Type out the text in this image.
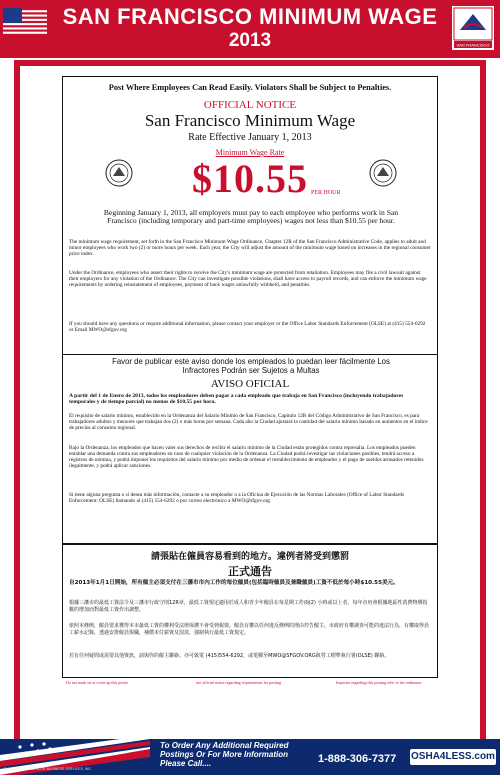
SAN FRANCISCO MINIMUM WAGE
2013	SAN FRANCISCO
Post Where Employees Can Read Easily. Violators Shall be Subject to Penalties.
OFFICIAL NOTICE
San Francisco Minimum Wage
Rate Effective January 1, 2013
Minimum Wage Rate
$10.55 PER HOUR
Beginning January 1, 2013, all employers must pay to each employee who performs work in San Francisco (including temporary and part-time employees) wages not less than $10.55 per hour.
The minimum wage requirement, set forth in the San Francisco Minimum Wage Ordinance, Chapter 12R of the San Francisco Administrative Code, applies to adult and minor employees who work two (2) or more hours per week. Each year, the City will adjust the amount of the minimum wage based on increases in the regional consumer price index.
Under the Ordinance, employees who assert their rights to receive the City's minimum wage are protected from retaliation. Employees may file a civil lawsuit against their employers for any violation of the Ordinance. The City can investigate possible violations, shall have access to payroll records, and can enforce the minimum wage requirements by ordering reinstatement of employees, payment of back wages unlawfully withheld, and penalties.
If you should have any questions or require additional information, please contact your employer or the Office Labor Standards Enforcement (OLSE) at (415) 554-6292 or Email MWO@sfgov.org
Favor de publicar este aviso donde los empleados lo puedan leer fácilmente Los Infractores Podrán ser Sujetos a Multas
AVISO OFICIAL
A partir del 1 de Enero de 2013, todos los empleadores deben pagar a cada empleado que trabaja en San Francisco (incluyendo trabajadores temporales y de tiempo parcial) no menos de $10.55 por hora.
El requisito de salario mínimo, establecido en la Ordenanza del Salario Mínimo de San Francisco, Capítulo 12R del Código Administrativo de San Francisco, es para trabajadores adultos y menores que trabajan dos (2) o más horas por semana. Cada año la Ciudad ajustará la cantidad del salario mínimo basado en aumentos en el índice de precios al consumo regional.
Bajo la Ordenanza, los empleados que hacen valer sus derechos de recibir el salario mínimo de la Ciudad están protegidos contra represalia. Los empleados pueden entablar una demanda contra sus empleadores en caso de cualquier violación de la Ordenanza. La Ciudad podrá investigar las violaciones posibles, tendrá acceso a registros de nómina, y podrá imponer los requisitos del salario mínimo por medio de ordenar el restablecimiento de empleados y el pago de sueldos atrasados retenidos ilegalmente, y podrá aplicar sanciones.
Si tiene alguna pregunta o si desea más información, contacte a su empleador o a la Oficina de Ejecución de las Normas Laborales (Office of Labor Standards Enforcement: OLSE) llamando al (415) 554-6292 o por correo electrónico a MWO@sfgov.org
請張貼在僱員容易看到的地方。違例者將受到懲罰
正式通告
自2013年1月1日開始，所有僱主必須支付在三藩市市內工作的每位僱員(包括臨時僱員及兼職僱員)工資不低於每小時$10.55美元。
根據三藩市的最低工資法令及三藩市行政守則12R章，最低工資規定適用於成人和青少年僱員在每星期工作兩(2) 小時或以上者，每年市府會根據地區性消費物價指數的增加而對最低工資作出調整。
依照本條例，僱員要求獲得本市最低工資的權利受法律保護不會受到報復。僱員有權以任何違反條例的理由控告僱主。市政府有權調查可能的違法行為，有權取得員工薪水記錄，透過安排僱員復職，補償未付薪資及罰款，強制執行最低工資規定。
若有任何疑問或需要其他資訊，請與你的僱主聯絡；亦可致電 (415)554-6292，或電郵至MWO@SFGOV.ORG與勞工標準執行署(OLSE) 聯絡。
Do not mark on or cover up this poster	see official notice regarding requirements for posting	Inquiries regarding this posting refer to the ordinance
To Order Any Additional Required Postings Or For More Information Please Call....	1-888-306-7377	OSHA4LESS.com
Rev. 1/2013 © 2013 ELITE BUSINESS SERVICES, INC.
